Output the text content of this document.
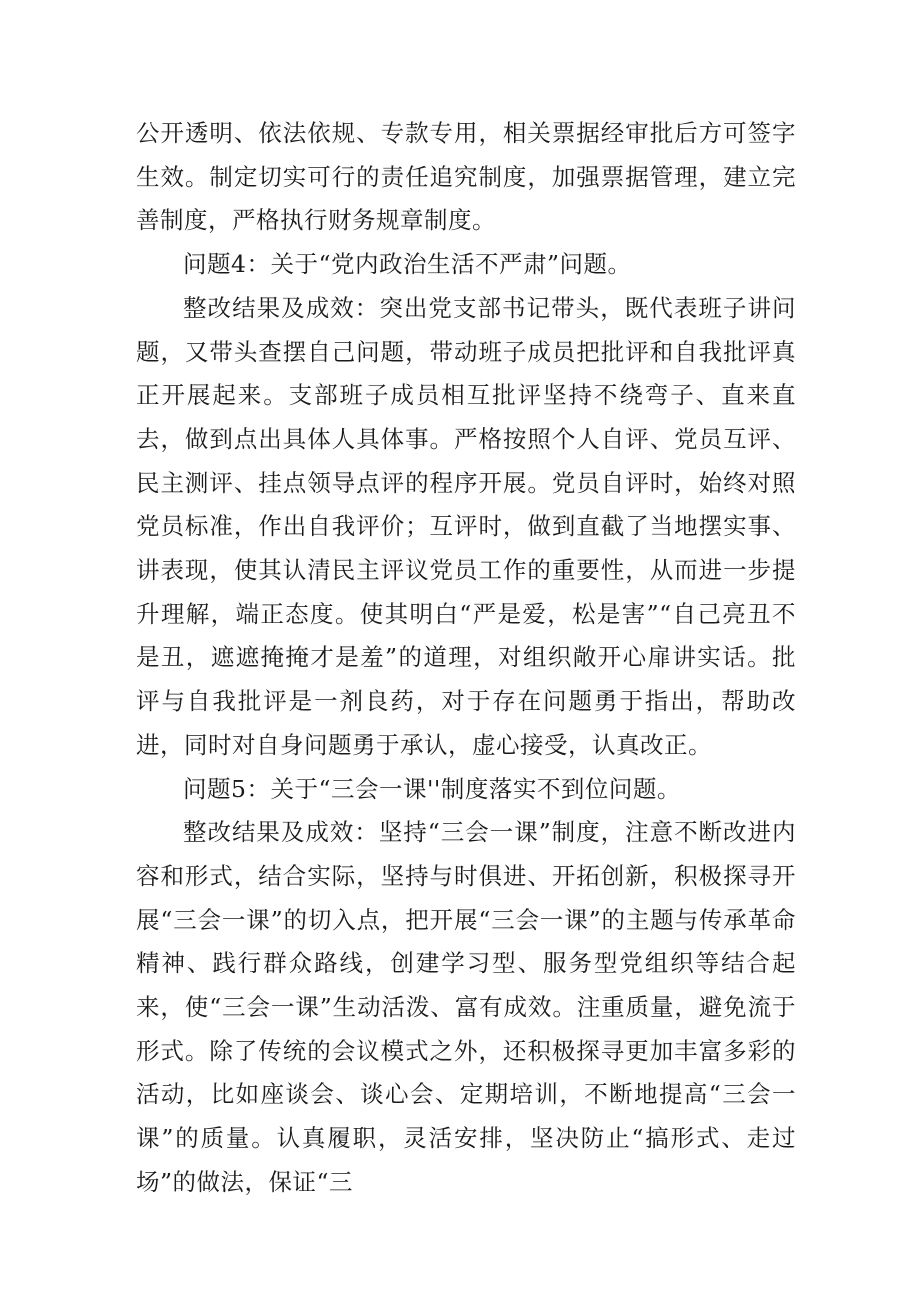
公开透明、依法依规、专款专用，相关票据经审批后方可签字生效。制定切实可行的责任追究制度，加强票据管理，建立完善制度，严格执行财务规章制度。

问题4：关于“党内政治生活不严肃”问题。

整改结果及成效：突出党支部书记带头，既代表班子讲问题，又带头查摆自己问题，带动班子成员把批评和自我批评真正开展起来。支部班子成员相互批评坚持不绕弯子、直来直去，做到点出具体人具体事。严格按照个人自评、党员互评、民主测评、挂点领导点评的程序开展。党员自评时，始终对照党员标准，作出自我评价；互评时，做到直截了当地摆实事、讲表现，使其认清民主评议党员工作的重要性，从而进一步提升理解，端正态度。使其明白“严是爱，松是害”“自己亮丑不是丑，遮遮掩掩才是羞”的道理，对组织敞开心扉讲实话。批评与自我批评是一剂良药，对于存在问题勇于指出，帮助改进，同时对自身问题勇于承认，虚心接受，认真改正。

问题5：关于“三会一课''制度落实不到位问题。

整改结果及成效：坚持“三会一课”制度，注意不断改进内容和形式，结合实际，坚持与时俱进、开拓创新，积极探寻开展“三会一课”的切入点，把开展“三会一课”的主题与传承革命精神、践行群众路线，创建学习型、服务型党组织等结合起来，使“三会一课”生动活泼、富有成效。注重质量，避免流于形式。除了传统的会议模式之外，还积极探寻更加丰富多彩的活动，比如座谈会、谈心会、定期培训，不断地提高“三会一课”的质量。认真履职，灵活安排，坚决防止“搞形式、走过场”的做法，保证“三
